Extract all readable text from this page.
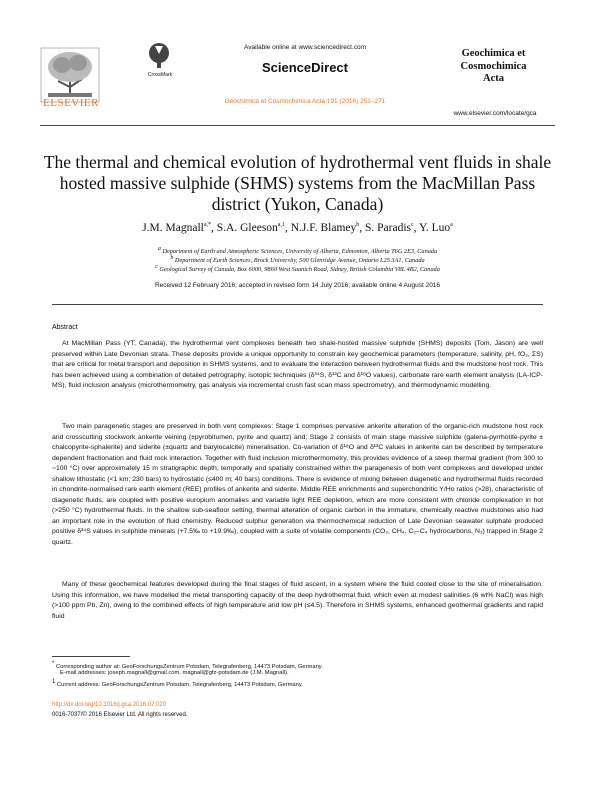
ELSEVIER
CrossMark
Available online at www.sciencedirect.com
ScienceDirect
Geochimica et Cosmochimica Acta 191 (2016) 251–271
Geochimica et
Cosmochimica
Acta
www.elsevier.com/locate/gca
The thermal and chemical evolution of hydrothermal vent fluids in shale hosted massive sulphide (SHMS) systems from the MacMillan Pass district (Yukon, Canada)
J.M. Magnall$^{a,*}$, S.A. Gleeson$^{a,1}$, N.J.F. Blamey$^b$, S. Paradis$^c$, Y. Luo$^a$
$^a$ Department of Earth and Atmospheric Sciences, University of Alberta, Edmonton, Alberta T6G 2E3, Canada
$^b$ Department of Earth Sciences, Brock University, 500 Glenridge Avenue, Ontario L2S 3A1, Canada
$^c$ Geological Survey of Canada, Box 6000, 9860 West Saanich Road, Sidney, British Columbia V8L 4B2, Canada
Received 12 February 2016; accepted in revised form 14 July 2016; available online 4 August 2016
Abstract

At MacMillan Pass (YT, Canada), the hydrothermal vent complexes beneath two shale-hosted massive sulphide (SHMS) deposits (Tom, Jason) are well preserved within Late Devonian strata. These deposits provide a unique opportunity to constrain key geochemical parameters (temperature, salinity, pH, fO₂, ΣS) that are critical for metal transport and deposition in SHMS systems, and to evaluate the interaction between hydrothermal fluids and the mudstone host rock. This has been achieved using a combination of detailed petrography, isotopic techniques (δ³⁴S, δ¹³C and δ¹⁸O values), carbonate rare earth element analysis (LA-ICP-MS), fluid inclusion analysis (microthermometry, gas analysis via incremental crush fast scan mass spectrometry), and thermodynamic modelling.

Two main paragenetic stages are preserved in both vent complexes: Stage 1 comprises pervasive ankerite alteration of the organic-rich mudstone host rock and crosscutting stockwork ankerite veining (±pyrobitumen, pyrite and quartz) and; Stage 2 consists of main stage massive sulphide (galena-pyrrhotite-pyrite ± chalcopyrite-sphalerite) and siderite (±quartz and barylocalcite) mineralisation. Co-variation of δ¹⁸O and δ¹³C values in ankerite can be described by temperature dependent fractionation and fluid rock interaction. Together with fluid inclusion microthermometry, this provides evidence of a steep thermal gradient (from 300 to ~100 °C) over approximately 15 m stratigraphic depth, temporally and spatially constrained within the paragenesis of both vent complexes and developed under shallow lithostatic (<1 km; 230 bars) to hydrostatic (≤400 m; 40 bars) conditions. There is evidence of mixing between diagenetic and hydrothermal fluids recorded in chondrite-normalised rare earth element (REE) profiles of ankerite and siderite. Middle REE enrichments and superchondritic Y/Ho ratios (>28), characteristic of diagenetic fluids, are coupled with positive europium anomalies and variable light REE depletion, which are more consistent with chloride complexation in hot (>250 °C) hydrothermal fluids. In the shallow sub-seafloor setting, thermal alteration of organic carbon in the immature, chemically reactive mudstones also had an important role in the evolution of fluid chemistry. Reduced sulphur generation via thermochemical reduction of Late Devonian seawater sulphate produced positive δ³⁴S values in sulphide minerals (+7.5‰ to +19.9‰), coupled with a suite of volatile components (CO₂, CH₄, C₂–C₄ hydrocarbons, N₂) trapped in Stage 2 quartz.

Many of these geochemical features developed during the final stages of fluid ascent, in a system where the fluid cooled close to the site of mineralisation. Using this information, we have modelled the metal transporting capacity of the deep hydrothermal fluid, which even at modest salinities (6 wt% NaCl) was high (>100 ppm Pb, Zn), owing to the combined effects of high temperature and low pH (≤4.5). Therefore in SHMS systems, enhanced geothermal gradients and rapid fluid

* Corresponding author at: GeoForschungsZentrum Potsdam, Telegrafenberg, 14473 Potsdam, Germany.
E-mail addresses: joseph.magnall@gmail.com, magnall@gfz-potsdam.de (J.M. Magnall).
$^1$ Current address: GeoForschungsZentrum Potsdam, Telegrafenberg, 14473 Potsdam, Germany.
http://dx.doi.org/10.1016/j.gca.2016.07.020
0016-7037/© 2016 Elsevier Ltd. All rights reserved.
